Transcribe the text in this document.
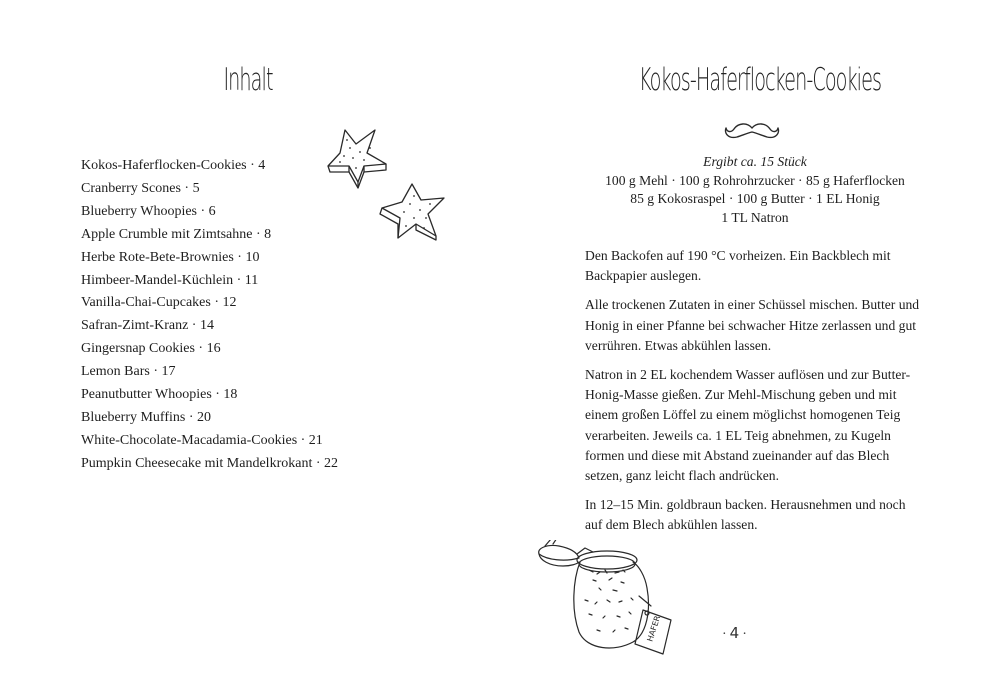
Inhalt
Kokos-Haferflocken-Cookies · 4
Cranberry Scones · 5
Blueberry Whoopies · 6
Apple Crumble mit Zimtsahne · 8
Herbe Rote-Bete-Brownies · 10
Himbeer-Mandel-Küchlein · 11
Vanilla-Chai-Cupcakes · 12
Safran-Zimt-Kranz · 14
Gingersnap Cookies · 16
Lemon Bars · 17
Peanutbutter Whoopies · 18
Blueberry Muffins · 20
White-Chocolate-Macadamia-Cookies · 21
Pumpkin Cheesecake mit Mandelkrokant · 22
Kokos-Haferflocken-Cookies
Ergibt ca. 15 Stück
100 g Mehl · 100 g Rohrohrzucker · 85 g Haferflocken
85 g Kokosraspel · 100 g Butter · 1 EL Honig
1 TL Natron

Den Backofen auf 190 °C vorheizen. Ein Backblech mit Backpapier auslegen.

Alle trockenen Zutaten in einer Schüssel mischen. Butter und Honig in einer Pfanne bei schwacher Hitze zerlassen und gut verrühren. Etwas abkühlen lassen.

Natron in 2 EL kochendem Wasser auflösen und zur Butter-Honig-Masse gießen. Zur Mehl-Mischung geben und mit einem großen Löffel zu einem möglichst homogenen Teig verarbeiten. Jeweils ca. 1 EL Teig abnehmen, zu Kugeln formen und diese mit Abstand zueinander auf das Blech setzen, ganz leicht flach andrücken.

In 12–15 Min. goldbraun backen. Herausnehmen und noch auf dem Blech abkühlen lassen.

· 4 ·
HAFER
